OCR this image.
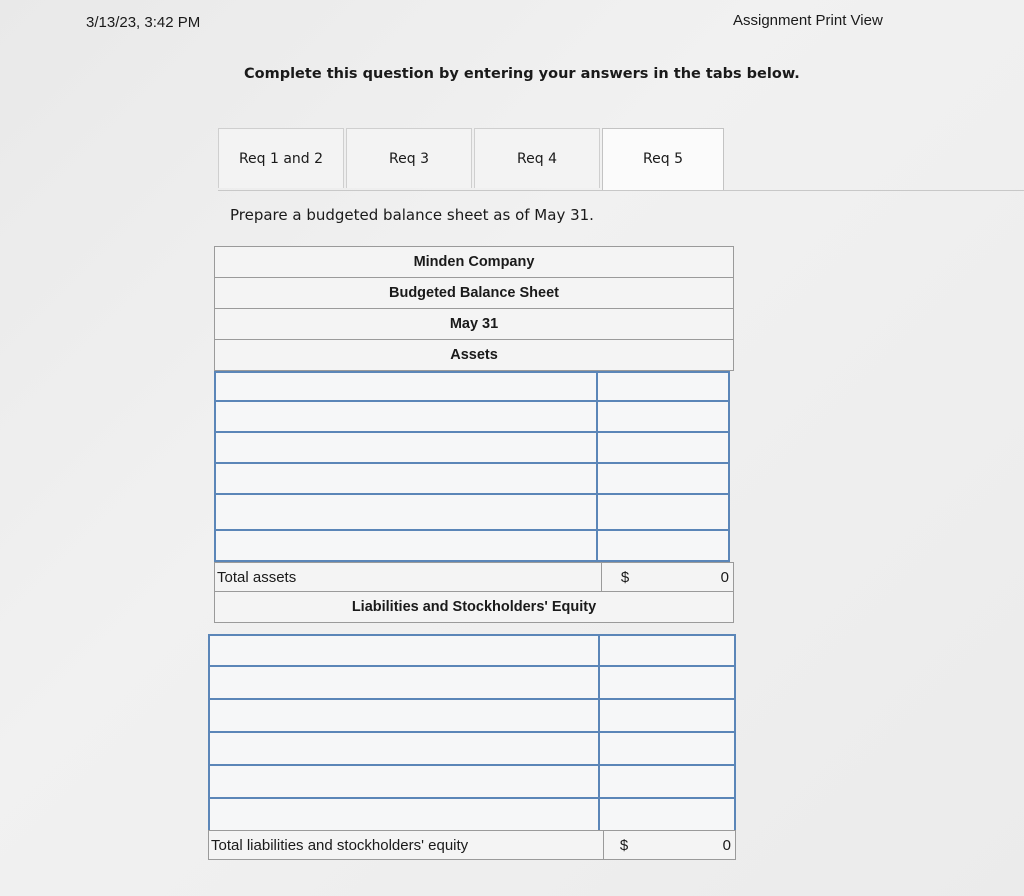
3/13/23, 3:42 PM	Assignment Print View
Complete this question by entering your answers in the tabs below.
Req 1 and 2	Req 3	Req 4	Req 5
Prepare a budgeted balance sheet as of May 31.
Minden Company
Budgeted Balance Sheet
May 31
Assets
Total assets	$	0
Liabilities and Stockholders' Equity
Total liabilities and stockholders' equity	$	0
